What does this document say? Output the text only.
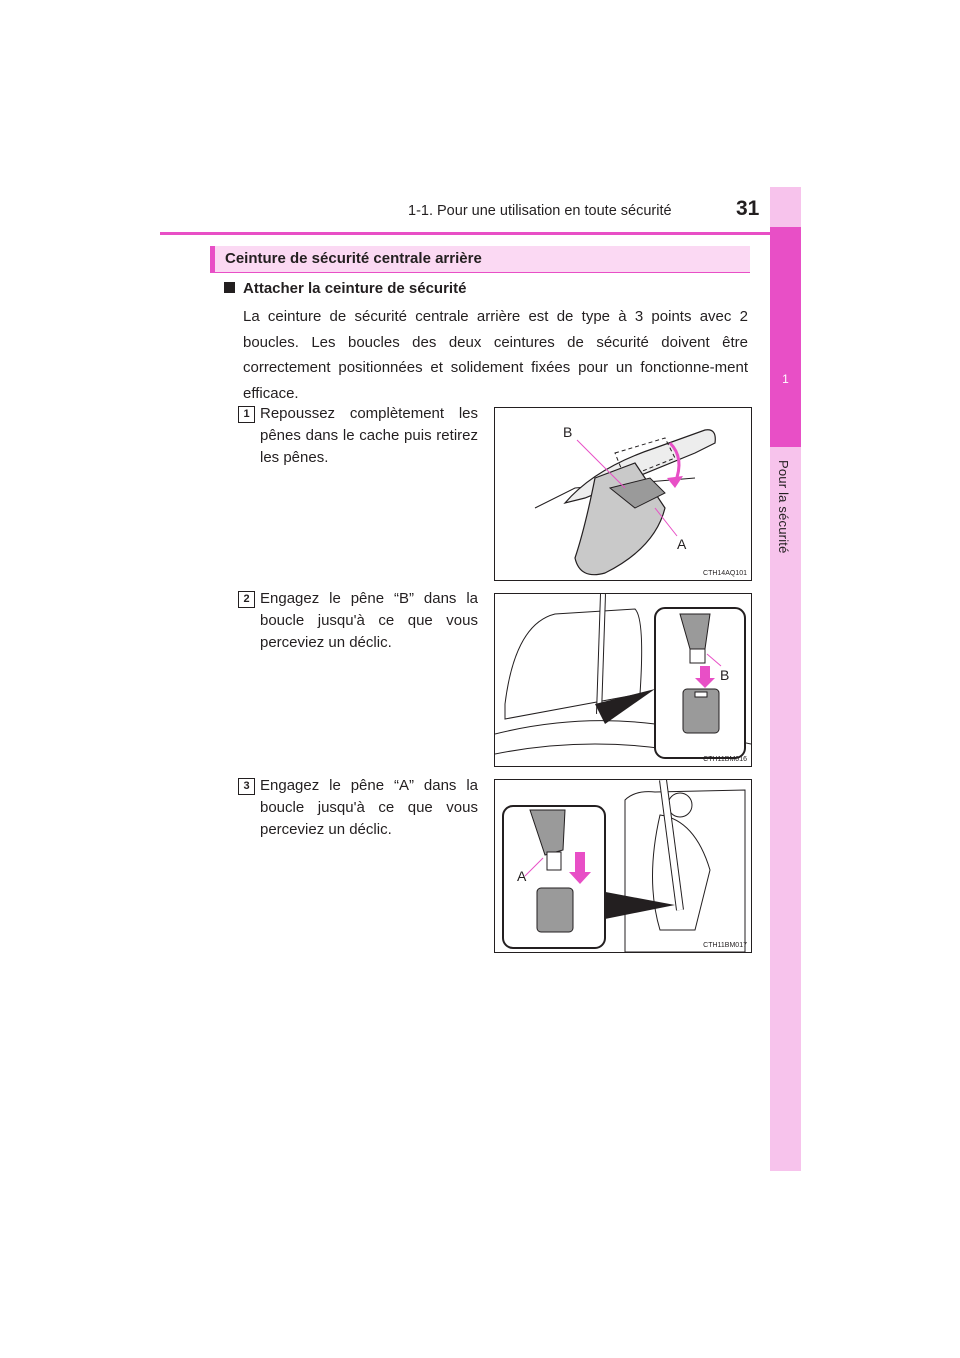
1
Pour la sécurité
1-1. Pour une utilisation en toute sécurité	31
Ceinture de sécurité centrale arrière
Attacher la ceinture de sécurité

La ceinture de sécurité centrale arrière est de type à 3 points avec 2 boucles. Les boucles des deux ceintures de sécurité doivent être correctement positionnées et solidement fixées pour un fonctionne-ment efficace.

1 Repoussez complètement les pênes dans le cache puis retirez les pênes.

B
A
CTH14AQ101
2 Engagez le pêne “B” dans la boucle jusqu'à ce que vous perceviez un déclic.

B
CTH11BM016
3 Engagez le pêne “A” dans la boucle jusqu'à ce que vous perceviez un déclic.

A
CTH11BM017
